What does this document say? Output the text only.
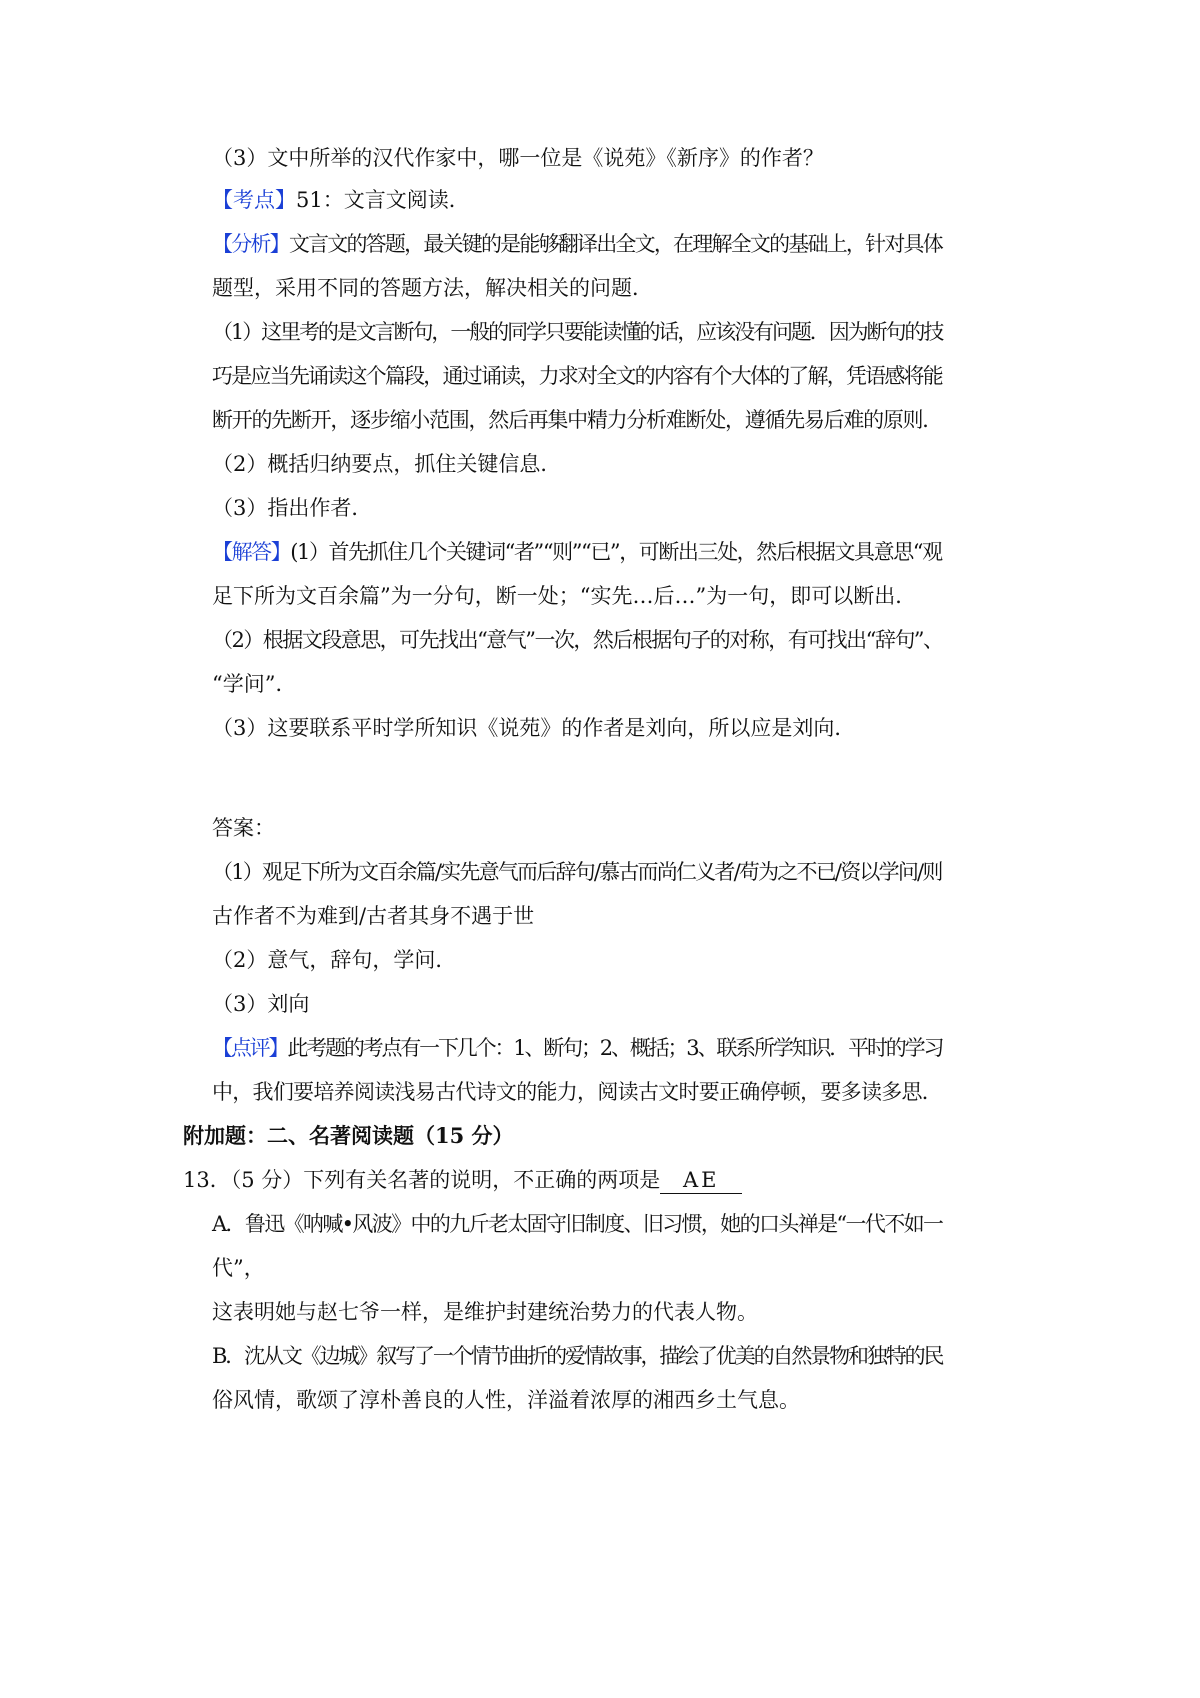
（3）文中所举的汉代作家中，哪一位是《说苑》《新序》的作者？
【考点】51：文言文阅读．
【分析】文言文的答题，最关键的是能够翻译出全文，在理解全文的基础上，针对具体
题型，采用不同的答题方法，解决相关的问题．
（1）这里考的是文言断句，一般的同学只要能读懂的话，应该没有问题．因为断句的技
巧是应当先诵读这个篇段，通过诵读，力求对全文的内容有个大体的了解，凭语感将能
断开的先断开，逐步缩小范围，然后再集中精力分析难断处，遵循先易后难的原则．
（2）概括归纳要点，抓住关键信息．
（3）指出作者．
【解答】(1）首先抓住几个关键词“者”“则”“已”，可断出三处，然后根据文具意思“观
足下所为文百余篇”为一分句，断一处；“实先…后…”为一句，即可以断出．
（2）根据文段意思，可先找出“意气”一次，然后根据句子的对称，有可找出“辞句”、
“学问”．
（3）这要联系平时学所知识《说苑》的作者是刘向，所以应是刘向．
答案：
（1）观足下所为文百余篇/实先意气而后辞句/慕古而尚仁义者/苟为之不已/资以学问/则
古作者不为难到/古者其身不遇于世
（2）意气，辞句，学问．
（3）刘向
【点评】此考题的考点有一下几个：1、断句；2、概括；3、联系所学知识．平时的学习
中，我们要培养阅读浅易古代诗文的能力，阅读古文时要正确停顿，要多读多思．
附加题：二、名著阅读题（15 分）
13．（5 分）下列有关名著的说明，不正确的两项是 AE
A．鲁迅《呐喊•风波》中的九斤老太固守旧制度、旧习惯，她的口头禅是“一代不如一
代”，
这表明她与赵七爷一样，是维护封建统治势力的代表人物。
B．沈从文《边城》叙写了一个情节曲折的爱情故事，描绘了优美的自然景物和独特的民
俗风情，歌颂了淳朴善良的人性，洋溢着浓厚的湘西乡土气息。
